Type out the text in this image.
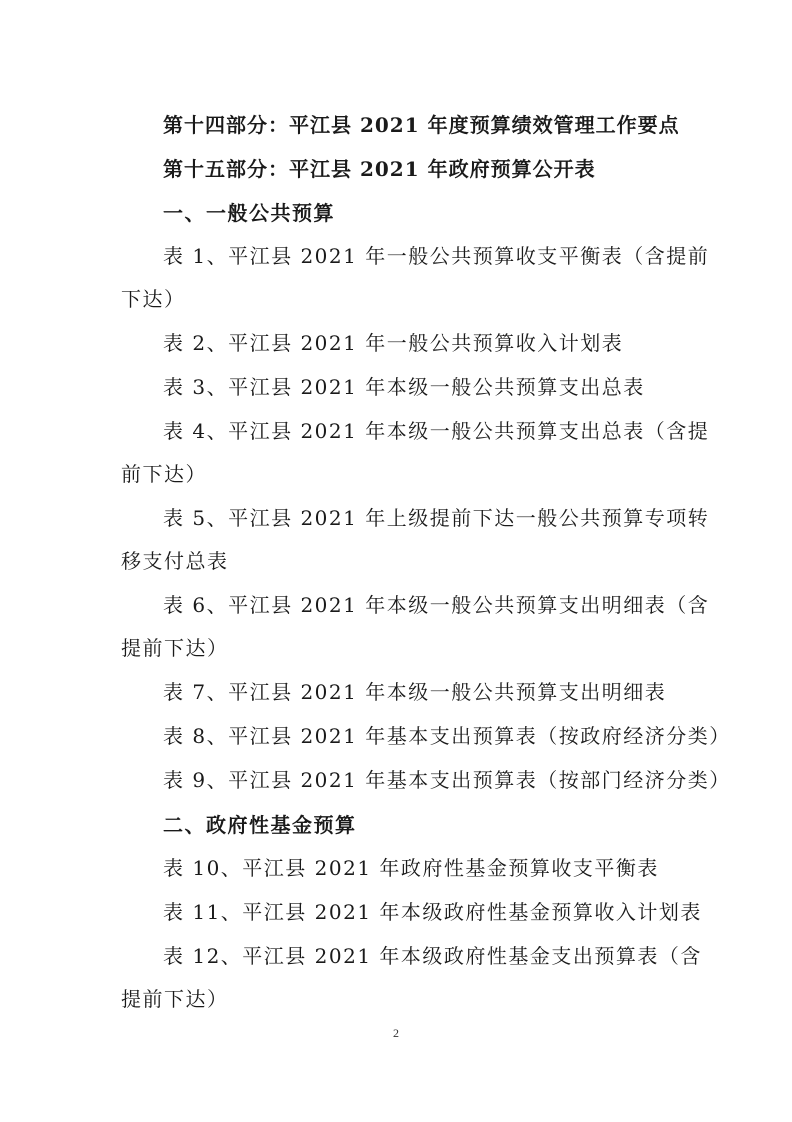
第十四部分：平江县 2021 年度预算绩效管理工作要点

第十五部分：平江县 2021 年政府预算公开表

一、一般公共预算

表 1、平江县 2021 年一般公共预算收支平衡表（含提前
下达）
表 2、平江县 2021 年一般公共预算收入计划表
表 3、平江县 2021 年本级一般公共预算支出总表
表 4、平江县 2021 年本级一般公共预算支出总表（含提
前下达）
表 5、平江县 2021 年上级提前下达一般公共预算专项转
移支付总表
表 6、平江县 2021 年本级一般公共预算支出明细表（含
提前下达）
表 7、平江县 2021 年本级一般公共预算支出明细表
表 8、平江县 2021 年基本支出预算表（按政府经济分类）
表 9、平江县 2021 年基本支出预算表（按部门经济分类）

二、政府性基金预算

表 10、平江县 2021 年政府性基金预算收支平衡表
表 11、平江县 2021 年本级政府性基金预算收入计划表
表 12、平江县 2021 年本级政府性基金支出预算表（含
提前下达）
2
